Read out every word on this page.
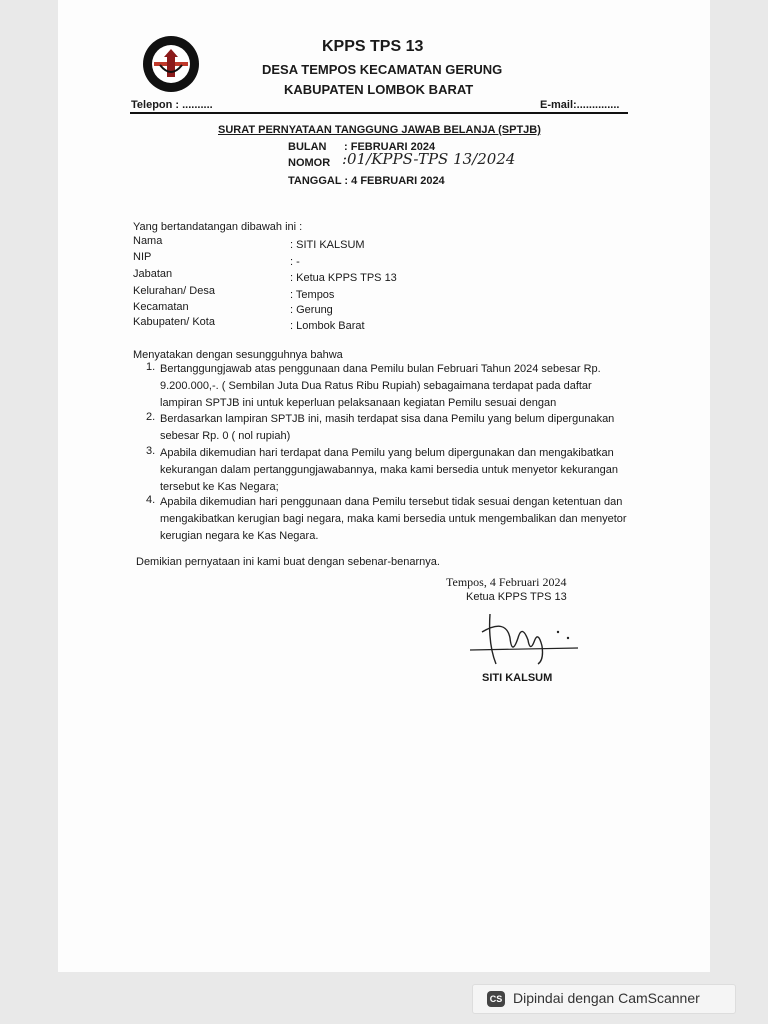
KPPS TPS 13
DESA TEMPOS KECAMATAN GERUNG
KABUPATEN LOMBOK BARAT
Telepon : ..........	E-mail:..............
SURAT PERNYATAAN TANGGUNG JAWAB BELANJA (SPTJB)
BULAN : FEBRUARI 2024
NOMOR :01/KPPS-TPS 13/2024
TANGGAL : 4 FEBRUARI 2024
Yang bertandatangan dibawah ini :
Nama	: SITI KALSUM
NIP	: -
Jabatan	: Ketua KPPS TPS 13
Kelurahan/ Desa	: Tempos
Kecamatan	: Gerung
Kabupaten/ Kota	: Lombok Barat
Menyatakan dengan sesungguhnya bahwa
1. Bertanggungjawab atas penggunaan dana Pemilu bulan Februari Tahun 2024 sebesar Rp. 9.200.000,-. ( Sembilan Juta Dua Ratus Ribu Rupiah) sebagaimana terdapat pada daftar lampiran SPTJB ini untuk keperluan pelaksanaan kegiatan Pemilu sesuai dengan
2. Berdasarkan lampiran SPTJB ini, masih terdapat sisa dana Pemilu yang belum dipergunakan sebesar Rp. 0 ( nol rupiah)
3. Apabila dikemudian hari terdapat dana Pemilu yang belum dipergunakan dan mengakibatkan kekurangan dalam pertanggungjawabannya, maka kami bersedia untuk menyetor kekurangan tersebut ke Kas Negara;
4. Apabila dikemudian hari penggunaan dana Pemilu tersebut tidak sesuai dengan ketentuan dan mengakibatkan kerugian bagi negara, maka kami bersedia untuk mengembalikan dan menyetor kerugian negara ke Kas Negara.
Demikian pernyataan ini kami buat dengan sebenar-benarnya.
Tempos, 4 Februari 2024
Ketua KPPS TPS 13
SITI KALSUM
CS Dipindai dengan CamScanner
